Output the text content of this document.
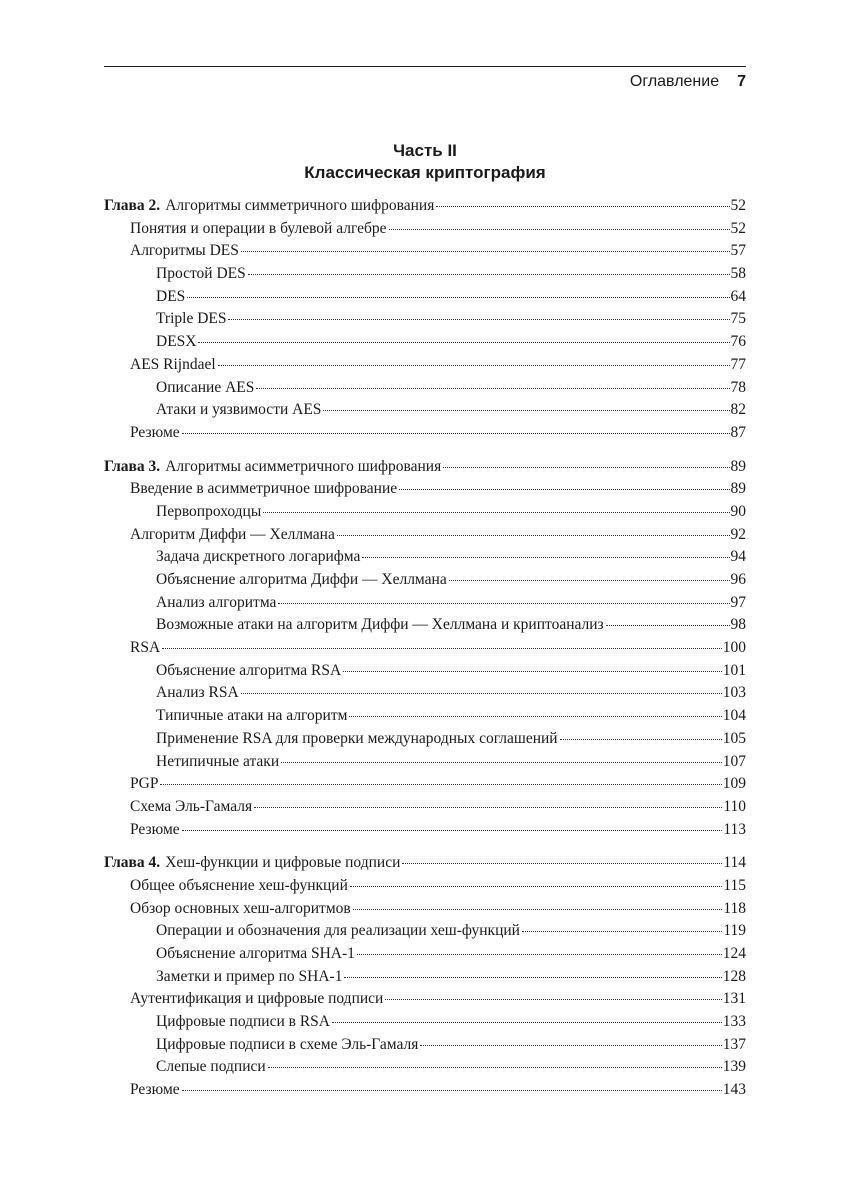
Оглавление 7
Часть II
Классическая криптография
Глава 2. Алгоритмы симметричного шифрования	52
Понятия и операции в булевой алгебре	52
Алгоритмы DES	57
Простой DES	58
DES	64
Triple DES	75
DESX	76
AES Rijndael	77
Описание AES	78
Атаки и уязвимости AES	82
Резюме	87
Глава 3. Алгоритмы асимметричного шифрования	89
Введение в асимметричное шифрование	89
Первопроходцы	90
Алгоритм Диффи — Хеллмана	92
Задача дискретного логарифма	94
Объяснение алгоритма Диффи — Хеллмана	96
Анализ алгоритма	97
Возможные атаки на алгоритм Диффи — Хеллмана и криптоанализ	98
RSA	100
Объяснение алгоритма RSA	101
Анализ RSA	103
Типичные атаки на алгоритм	104
Применение RSA для проверки международных соглашений	105
Нетипичные атаки	107
PGP	109
Схема Эль-Гамаля	110
Резюме	113
Глава 4. Хеш-функции и цифровые подписи	114
Общее объяснение хеш-функций	115
Обзор основных хеш-алгоритмов	118
Операции и обозначения для реализации хеш-функций	119
Объяснение алгоритма SHA-1	124
Заметки и пример по SHA-1	128
Аутентификация и цифровые подписи	131
Цифровые подписи в RSA	133
Цифровые подписи в схеме Эль-Гамаля	137
Слепые подписи	139
Резюме	143
